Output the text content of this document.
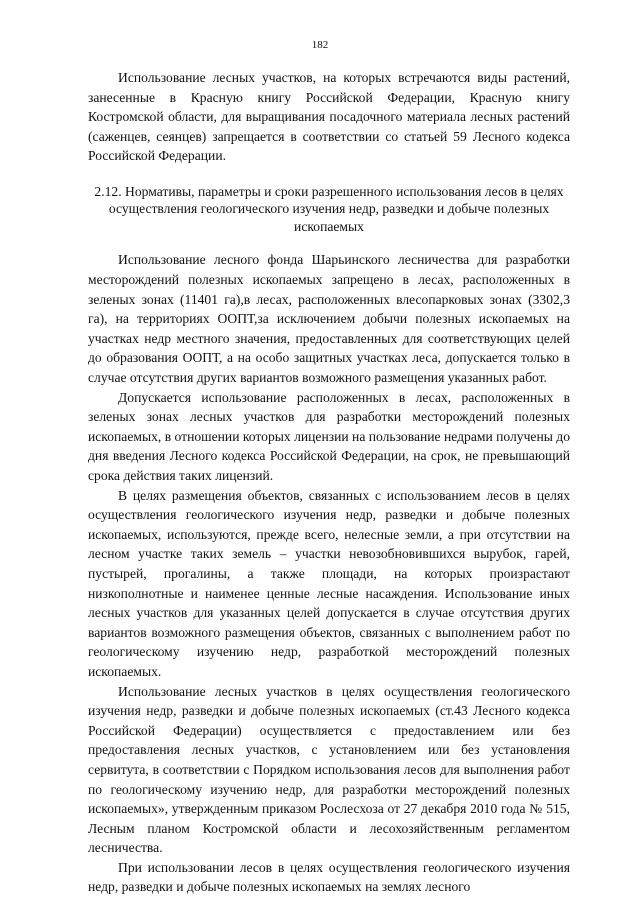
182

Использование лесных участков, на которых встречаются виды растений, занесенные в Красную книгу Российской Федерации, Красную книгу Костромской области, для выращивания посадочного материала лесных растений (саженцев, сеянцев) запрещается в соответствии со статьей 59 Лесного кодекса Российской Федерации.

2.12. Нормативы, параметры и сроки разрешенного использования лесов в целях осуществления геологического изучения недр, разведки и добыче полезных ископаемых

Использование лесного фонда Шарьинского лесничества для разработки месторождений полезных ископаемых запрещено в лесах, расположенных в зеленых зонах (11401 га),в лесах, расположенных влесопарковых зонах (3302,3 га), на территориях ООПТ,за исключением добычи полезных ископаемых на участках недр местного значения, предоставленных для соответствующих целей до образования ООПТ, а на особо защитных участках леса, допускается только в случае отсутствия других вариантов возможного размещения указанных работ.

Допускается использование расположенных в лесах, расположенных в зеленых зонах лесных участков для разработки месторождений полезных ископаемых, в отношении которых лицензии на пользование недрами получены до дня введения Лесного кодекса Российской Федерации, на срок, не превышающий срока действия таких лицензий.

В целях размещения объектов, связанных с использованием лесов в целях осуществления геологического изучения недр, разведки и добыче полезных ископаемых, используются, прежде всего, нелесные земли, а при отсутствии на лесном участке таких земель – участки невозобновившихся вырубок, гарей, пустырей, прогалины, а также площади, на которых произрастают низкополнотные и наименее ценные лесные насаждения. Использование иных лесных участков для указанных целей допускается в случае отсутствия других вариантов возможного размещения объектов, связанных с выполнением работ по геологическому изучению недр, разработкой месторождений полезных ископаемых.

Использование лесных участков в целях осуществления геологического изучения недр, разведки и добыче полезных ископаемых (ст.43 Лесного кодекса Российской Федерации) осуществляется с предоставлением или без предоставления лесных участков, с установлением или без установления сервитута, в соответствии с Порядком использования лесов для выполнения работ по геологическому изучению недр, для разработки месторождений полезных ископаемых», утвержденным приказом Рослесхоза от 27 декабря 2010 года № 515, Лесным планом Костромской области и лесохозяйственным регламентом лесничества.

При использовании лесов в целях осуществления геологического изучения недр, разведки и добыче полезных ископаемых на землях лесного
